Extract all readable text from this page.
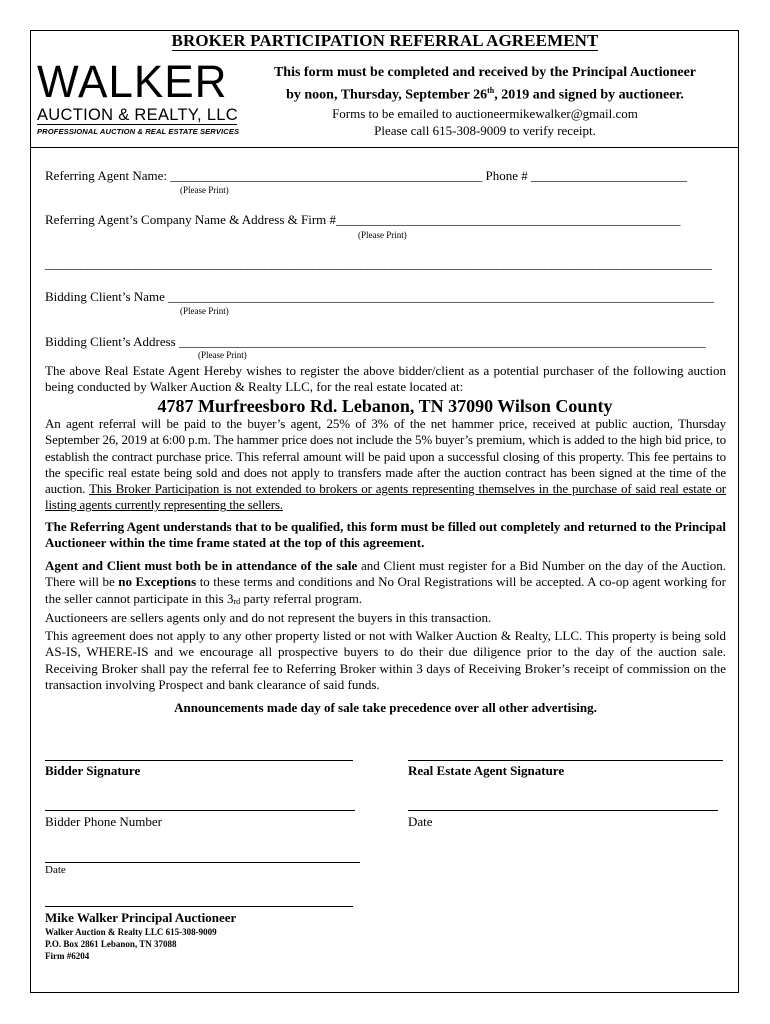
BROKER PARTICIPATION REFERRAL AGREEMENT
WALKER
AUCTION & REALTY, LLC
PROFESSIONAL AUCTION & REAL ESTATE SERVICES
This form must be completed and received by the Principal Auctioneer
by noon, Thursday, September 26th, 2019 and signed by auctioneer.
Forms to be emailed to auctioneermikewalker@gmail.com
Please call 615-308-9009 to verify receipt.
Referring Agent Name: ________________________________________________ Phone # ________________________
(Please Print)
Referring Agent’s Company Name & Address & Firm #_____________________________________________________
(Please Print)
________________________________________________________________________________________________________________
Bidding Client’s Name ____________________________________________________________________________________
(Please Print)
Bidding Client’s Address _________________________________________________________________________________
(Please Print)
The above Real Estate Agent Hereby wishes to register the above bidder/client as a potential purchaser of the following auction being conducted by Walker Auction & Realty LLC, for the real estate located at:
4787 Murfreesboro Rd. Lebanon, TN 37090 Wilson County
An agent referral will be paid to the buyer’s agent, 25% of 3% of the net hammer price, received at public auction, Thursday September 26, 2019 at 6:00 p.m. The hammer price does not include the 5% buyer’s premium, which is added to the high bid price, to establish the contract purchase price. This referral amount will be paid upon a successful closing of this property. This fee pertains to the specific real estate being sold and does not apply to transfers made after the auction contract has been signed at the time of the auction. This Broker Participation is not extended to brokers or agents representing themselves in the purchase of said real estate or listing agents currently representing the sellers.
The Referring Agent understands that to be qualified, this form must be filled out completely and returned to the Principal Auctioneer within the time frame stated at the top of this agreement.
Agent and Client must both be in attendance of the sale and Client must register for a Bid Number on the day of the Auction. There will be no Exceptions to these terms and conditions and No Oral Registrations will be accepted. A co-op agent working for the seller cannot participate in this 3rd party referral program.
Auctioneers are sellers agents only and do not represent the buyers in this transaction.
This agreement does not apply to any other property listed or not with Walker Auction & Realty, LLC. This property is being sold AS-IS, WHERE-IS and we encourage all prospective buyers to do their due diligence prior to the day of the auction sale. Receiving Broker shall pay the referral fee to Referring Broker within 3 days of Receiving Broker’s receipt of commission on the transaction involving Prospect and bank clearance of said funds.
Announcements made day of sale take precedence over all other advertising.
Bidder Signature	Real Estate Agent Signature
Bidder Phone Number	Date
Date
Mike Walker Principal Auctioneer
Walker Auction & Realty LLC 615-308-9009
P.O. Box 2861 Lebanon, TN 37088
Firm #6204
